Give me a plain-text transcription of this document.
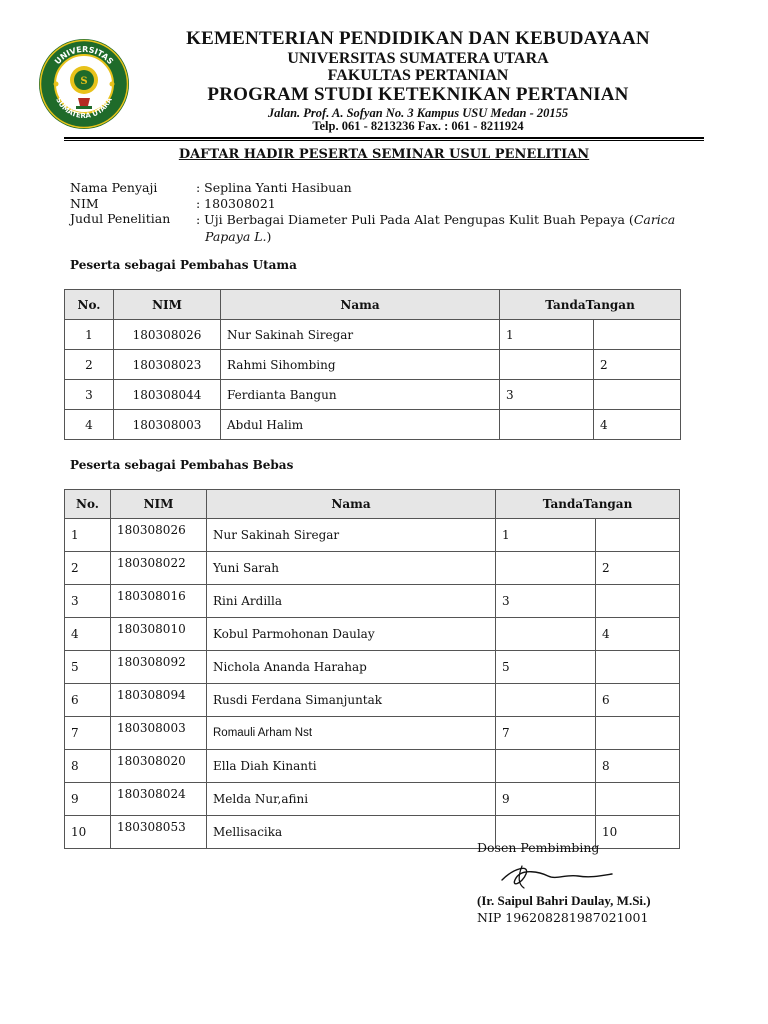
UNIVERSITAS
SUMATERA UTARA
S
KEMENTERIAN PENDIDIKAN DAN KEBUDAYAAN
UNIVERSITAS SUMATERA UTARA
FAKULTAS PERTANIAN
PROGRAM STUDI KETEKNIKAN PERTANIAN
Jalan. Prof. A. Sofyan No. 3 Kampus USU Medan - 20155
Telp. 061 - 8213236 Fax. : 061 - 8211924
DAFTAR HADIR PESERTA SEMINAR USUL PENELITIAN
Nama Penyaji	: Seplina Yanti Hasibuan
NIM	: 180308021
Judul Penelitian : Uji Berbagai Diameter Puli Pada Alat Pengupas Kulit Buah Pepaya (Carica
Papaya L.)
Peserta sebagai Pembahas Utama
No.	NIM	Nama	TandaTangan	
1	180308026	Nur Sakinah Siregar	1	
2	180308023	Rahmi Sihombing		2
3	180308044	Ferdianta Bangun	3	
4	180308003	Abdul Halim		4
Peserta sebagai Pembahas Bebas
No.	NIM	Nama	TandaTangan	
1	180308026	Nur Sakinah Siregar	1	
2	180308022	Yuni Sarah		2
3	180308016	Rini Ardilla	3	
4	180308010	Kobul Parmohonan Daulay		4
5	180308092	Nichola Ananda Harahap	5	
6	180308094	Rusdi Ferdana Simanjuntak		6
7	180308003	Romauli Arham Nst	7	
8	180308020	Ella Diah Kinanti		8
9	180308024	Melda Nur,afini	9	
10	180308053	Mellisacika		10
Dosen Pembimbing
(Ir. Saipul Bahri Daulay, M.Si.)
NIP 196208281987021001
